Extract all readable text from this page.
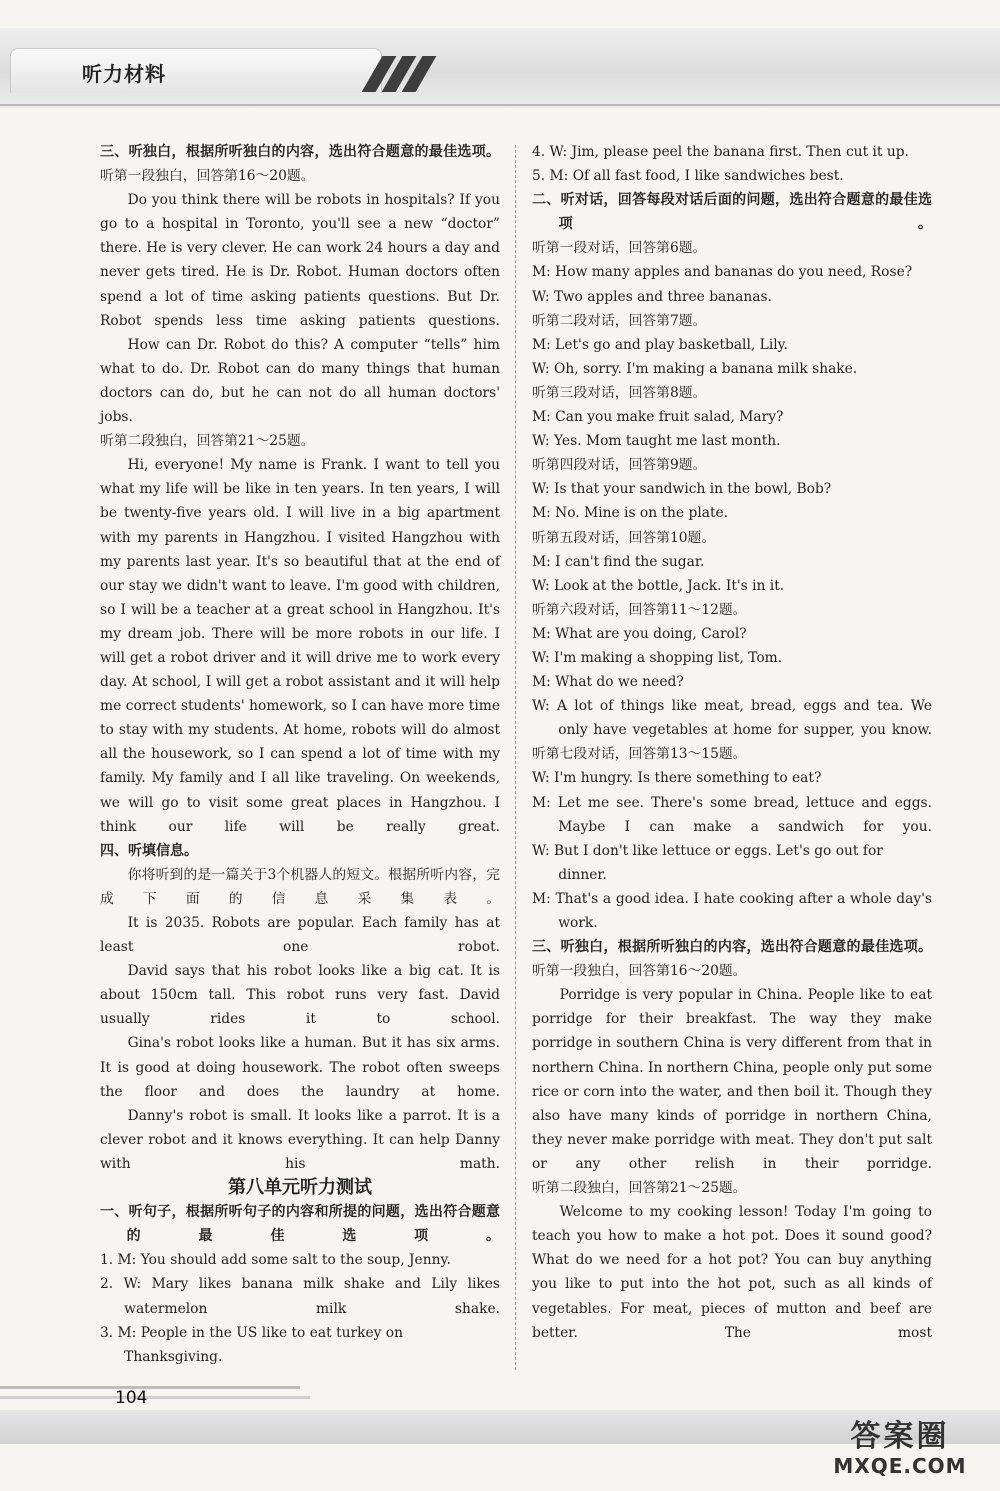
听力材料

三、听独白，根据所听独白的内容，选出符合题意的最佳选项。

听第一段独白，回答第16～20题。

Do you think there will be robots in hospitals? If you go to a hospital in Toronto, you'll see a new “doctor” there. He is very clever. He can work 24 hours a day and never gets tired. He is Dr. Robot. Human doctors often spend a lot of time asking patients questions. But Dr. Robot spends less time asking patients questions.

How can Dr. Robot do this? A computer “tells” him what to do. Dr. Robot can do many things that human doctors can do, but he can not do all human doctors' jobs.

听第二段独白，回答第21～25题。

Hi, everyone! My name is Frank. I want to tell you what my life will be like in ten years. In ten years, I will be twenty-five years old. I will live in a big apartment with my parents in Hangzhou. I visited Hangzhou with my parents last year. It's so beautiful that at the end of our stay we didn't want to leave. I'm good with children, so I will be a teacher at a great school in Hangzhou. It's my dream job. There will be more robots in our life. I will get a robot driver and it will drive me to work every day. At school, I will get a robot assistant and it will help me correct students' homework, so I can have more time to stay with my students. At home, robots will do almost all the housework, so I can spend a lot of time with my family. My family and I all like traveling. On weekends, we will go to visit some great places in Hangzhou. I think our life will be really great.

四、听填信息。

你将听到的是一篇关于3个机器人的短文。根据所听内容，完成下面的信息采集表。

It is 2035. Robots are popular. Each family has at least one robot.

David says that his robot looks like a big cat. It is about 150cm tall. This robot runs very fast. David usually rides it to school.

Gina's robot looks like a human. But it has six arms. It is good at doing housework. The robot often sweeps the floor and does the laundry at home.

Danny's robot is small. It looks like a parrot. It is a clever robot and it knows everything. It can help Danny with his math.

第八单元听力测试

一、听句子，根据所听句子的内容和所提的问题，选出符合题意的最佳选项。

1. M: You should add some salt to the soup, Jenny.

2. W: Mary likes banana milk shake and Lily likes watermelon milk shake.

3. M: People in the US like to eat turkey on Thanksgiving.

4. W: Jim, please peel the banana first. Then cut it up.

5. M: Of all fast food, I like sandwiches best.

二、听对话，回答每段对话后面的问题，选出符合题意的最佳选项。

听第一段对话，回答第6题。

M: How many apples and bananas do you need, Rose?

W: Two apples and three bananas.

听第二段对话，回答第7题。

M: Let's go and play basketball, Lily.

W: Oh, sorry. I'm making a banana milk shake.

听第三段对话，回答第8题。

M: Can you make fruit salad, Mary?

W: Yes. Mom taught me last month.

听第四段对话，回答第9题。

W: Is that your sandwich in the bowl, Bob?

M: No. Mine is on the plate.

听第五段对话，回答第10题。

M: I can't find the sugar.

W: Look at the bottle, Jack. It's in it.

听第六段对话，回答第11～12题。

M: What are you doing, Carol?

W: I'm making a shopping list, Tom.

M: What do we need?

W: A lot of things like meat, bread, eggs and tea. We only have vegetables at home for supper, you know.

听第七段对话，回答第13～15题。

W: I'm hungry. Is there something to eat?

M: Let me see. There's some bread, lettuce and eggs. Maybe I can make a sandwich for you.

W: But I don't like lettuce or eggs. Let's go out for dinner.

M: That's a good idea. I hate cooking after a whole day's work.

三、听独白，根据所听独白的内容，选出符合题意的最佳选项。

听第一段独白，回答第16～20题。

Porridge is very popular in China. People like to eat porridge for their breakfast. The way they make porridge in southern China is very different from that in northern China. In northern China, people only put some rice or corn into the water, and then boil it. Though they also have many kinds of porridge in northern China, they never make porridge with meat. They don't put salt or any other relish in their porridge.

听第二段独白，回答第21～25题。

Welcome to my cooking lesson! Today I'm going to teach you how to make a hot pot. Does it sound good? What do we need for a hot pot? You can buy anything you like to put into the hot pot, such as all kinds of vegetables. For meat, pieces of mutton and beef are better. The most

104
答案圈
MXQE.COM
